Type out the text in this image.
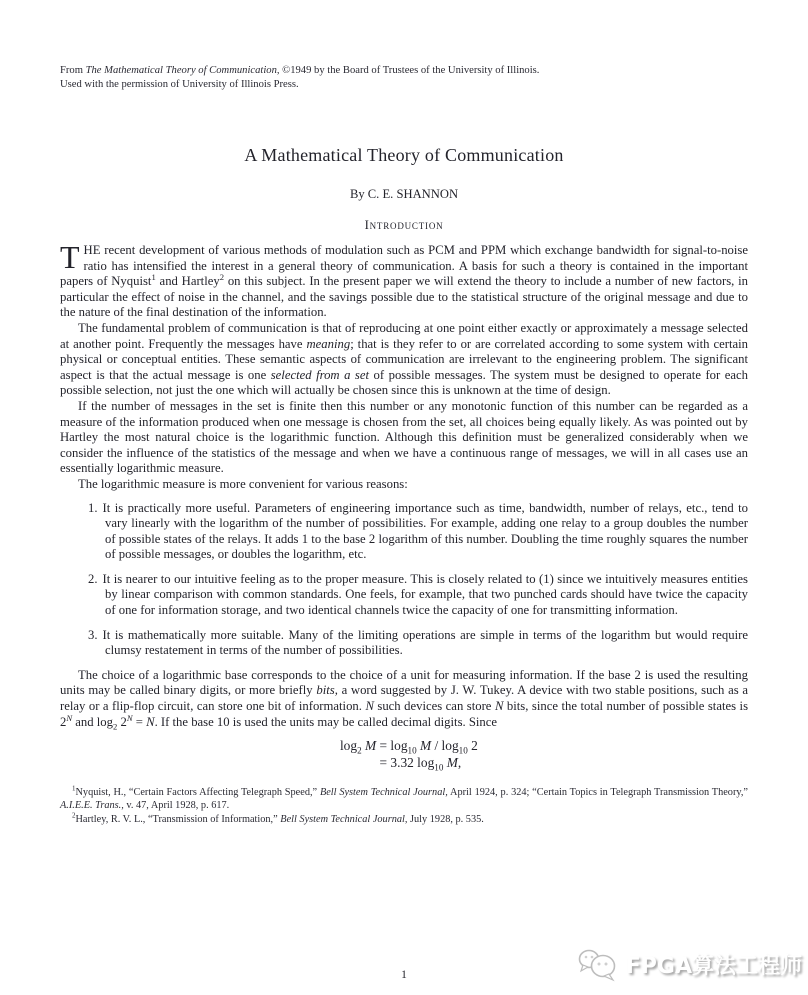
From The Mathematical Theory of Communication, ©1949 by the Board of Trustees of the University of Illinois.
Used with the permission of University of Illinois Press.
A Mathematical Theory of Communication
By C. E. SHANNON
Introduction

THE recent development of various methods of modulation such as PCM and PPM which exchange bandwidth for signal-to-noise ratio has intensified the interest in a general theory of communication. A basis for such a theory is contained in the important papers of Nyquist$^1$ and Hartley$^2$ on this subject. In the present paper we will extend the theory to include a number of new factors, in particular the effect of noise in the channel, and the savings possible due to the statistical structure of the original message and due to the nature of the final destination of the information.

The fundamental problem of communication is that of reproducing at one point either exactly or approximately a message selected at another point. Frequently the messages have meaning; that is they refer to or are correlated according to some system with certain physical or conceptual entities. These semantic aspects of communication are irrelevant to the engineering problem. The significant aspect is that the actual message is one selected from a set of possible messages. The system must be designed to operate for each possible selection, not just the one which will actually be chosen since this is unknown at the time of design.

If the number of messages in the set is finite then this number or any monotonic function of this number can be regarded as a measure of the information produced when one message is chosen from the set, all choices being equally likely. As was pointed out by Hartley the most natural choice is the logarithmic function. Although this definition must be generalized considerably when we consider the influence of the statistics of the message and when we have a continuous range of messages, we will in all cases use an essentially logarithmic measure.

The logarithmic measure is more convenient for various reasons:

1. It is practically more useful. Parameters of engineering importance such as time, bandwidth, number of relays, etc., tend to vary linearly with the logarithm of the number of possibilities. For example, adding one relay to a group doubles the number of possible states of the relays. It adds 1 to the base 2 logarithm of this number. Doubling the time roughly squares the number of possible messages, or doubles the logarithm, etc.
2. It is nearer to our intuitive feeling as to the proper measure. This is closely related to (1) since we intuitively measures entities by linear comparison with common standards. One feels, for example, that two punched cards should have twice the capacity of one for information storage, and two identical channels twice the capacity of one for transmitting information.
3. It is mathematically more suitable. Many of the limiting operations are simple in terms of the logarithm but would require clumsy restatement in terms of the number of possibilities.

The choice of a logarithmic base corresponds to the choice of a unit for measuring information. If the base 2 is used the resulting units may be called binary digits, or more briefly bits, a word suggested by J. W. Tukey. A device with two stable positions, such as a relay or a flip-flop circuit, can store one bit of information. N such devices can store N bits, since the total number of possible states is $2^N$ and $\log_2 2^N = N$. If the base 10 is used the units may be called decimal digits. Since

$\log_2 M = \log_{10} M / \log_{10} 2$
= 3.32 $\log_{10} M$,

$^1$Nyquist, H., “Certain Factors Affecting Telegraph Speed,” Bell System Technical Journal, April 1924, p. 324; “Certain Topics in Telegraph Transmission Theory,” A.I.E.E. Trans., v. 47, April 1928, p. 617.

$^2$Hartley, R. V. L., “Transmission of Information,” Bell System Technical Journal, July 1928, p. 535.

1	FPGA算法工程师
